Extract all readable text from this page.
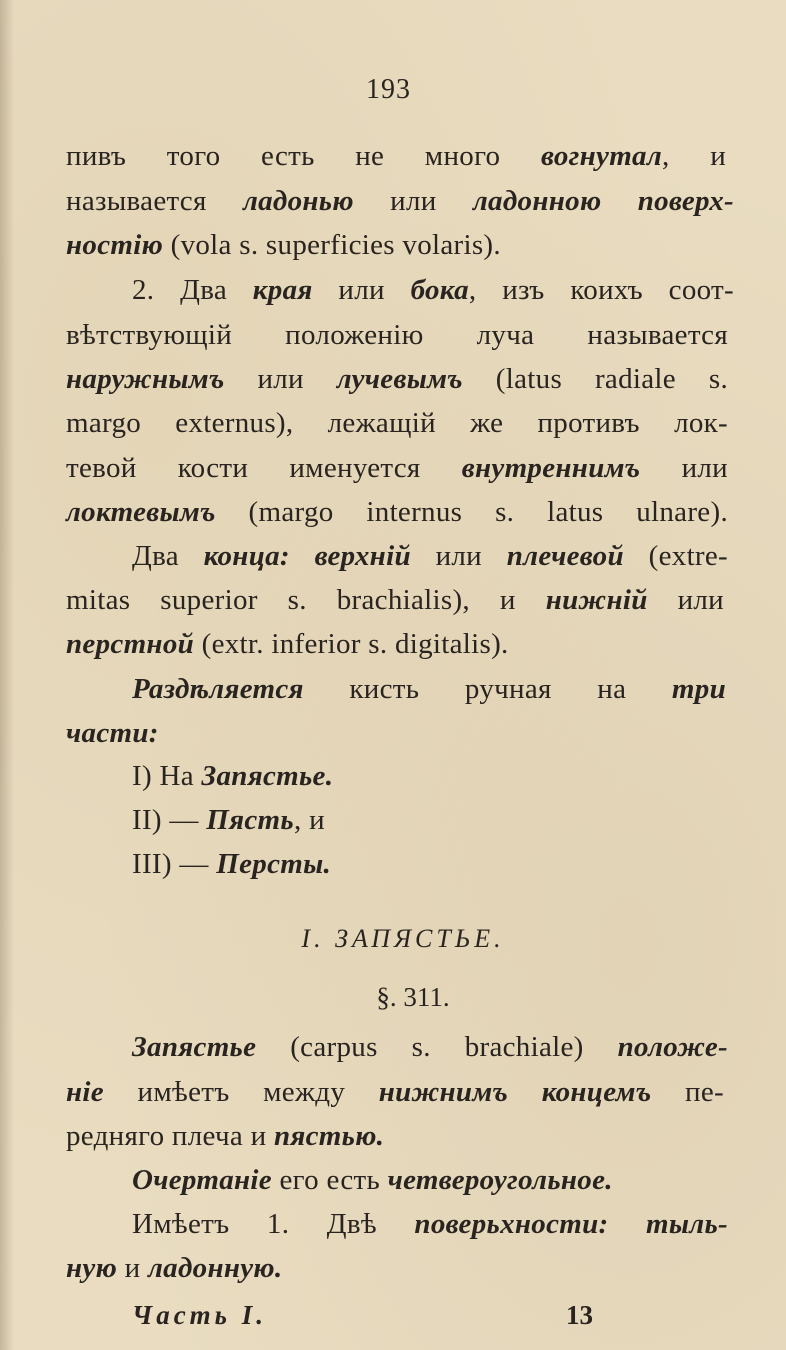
193
пивъ того есть не много вогнутал, и
называется ладонью или ладонною поверх-
ностію (vola s. superficies volaris).
2. Два края или бока, изъ коихъ соот-
вѣтствующій положенію луча называется
наружнымъ или лучевымъ (latus radiale s.
margo externus), лежащій же противъ лок-
тевой кости именуется внутреннимъ или
локтевымъ (margo internus s. latus ulnare).
Два конца: верхній или плечевой (extre-
mitas superior s. brachialis), и нижній или
перстной (extr. inferior s. digitalis).
Раздѣляется кисть ручная на три
части:
I) На Запястье.
II) — Пясть, и
III) — Персты.
I. ЗАПЯСТЬЕ.
§. 311.
Запястье (carpus s. brachiale) положе-
ніе имѣетъ между нижнимъ концемъ пе-
редняго плеча и пястью.
Очертаніе его есть четвероугольное.
Имѣетъ 1. Двѣ поверьхности: тыль-
ную и ладонную.
Часть I.	13
